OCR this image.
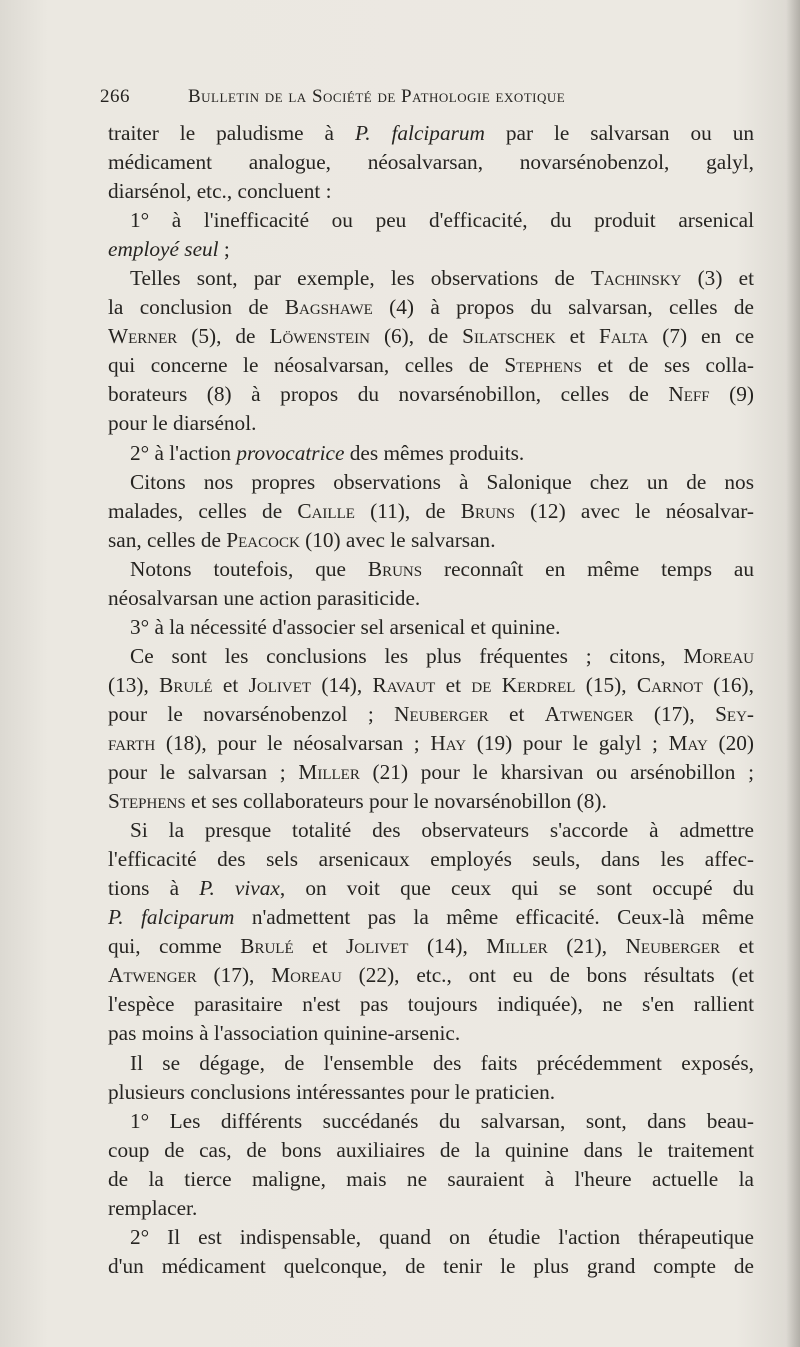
266	Bulletin de la Société de Pathologie exotique
traiter le paludisme à P. falciparum par le salvarsan ou un
médicament analogue, néosalvarsan, novarsénobenzol, galyl,
diarsénol, etc., concluent :
1° à l'inefficacité ou peu d'efficacité, du produit arsenical
employé seul ;
Telles sont, par exemple, les observations de Tachinsky (3) et
la conclusion de Bagshawe (4) à propos du salvarsan, celles de
Werner (5), de Löwenstein (6), de Silatschek et Falta (7) en ce
qui concerne le néosalvarsan, celles de Stephens et de ses colla-
borateurs (8) à propos du novarsénobillon, celles de Neff (9)
pour le diarsénol.
2° à l'action provocatrice des mêmes produits.
Citons nos propres observations à Salonique chez un de nos
malades, celles de Caille (11), de Bruns (12) avec le néosalvar-
san, celles de Peacock (10) avec le salvarsan.
Notons toutefois, que Bruns reconnaît en même temps au
néosalvarsan une action parasiticide.
3° à la nécessité d'associer sel arsenical et quinine.
Ce sont les conclusions les plus fréquentes ; citons, Moreau
(13), Brulé et Jolivet (14), Ravaut et de Kerdrel (15), Carnot (16),
pour le novarsénobenzol ; Neuberger et Atwenger (17), Sey-
farth (18), pour le néosalvarsan ; Hay (19) pour le galyl ; May (20)
pour le salvarsan ; Miller (21) pour le kharsivan ou arsénobillon ;
Stephens et ses collaborateurs pour le novarsénobillon (8).
Si la presque totalité des observateurs s'accorde à admettre
l'efficacité des sels arsenicaux employés seuls, dans les affec-
tions à P. vivax, on voit que ceux qui se sont occupé du
P. falciparum n'admettent pas la même efficacité. Ceux-là même
qui, comme Brulé et Jolivet (14), Miller (21), Neuberger et
Atwenger (17), Moreau (22), etc., ont eu de bons résultats (et
l'espèce parasitaire n'est pas toujours indiquée), ne s'en rallient
pas moins à l'association quinine-arsenic.
Il se dégage, de l'ensemble des faits précédemment exposés,
plusieurs conclusions intéressantes pour le praticien.
1° Les différents succédanés du salvarsan, sont, dans beau-
coup de cas, de bons auxiliaires de la quinine dans le traitement
de la tierce maligne, mais ne sauraient à l'heure actuelle la
remplacer.
2° Il est indispensable, quand on étudie l'action thérapeutique
d'un médicament quelconque, de tenir le plus grand compte de
